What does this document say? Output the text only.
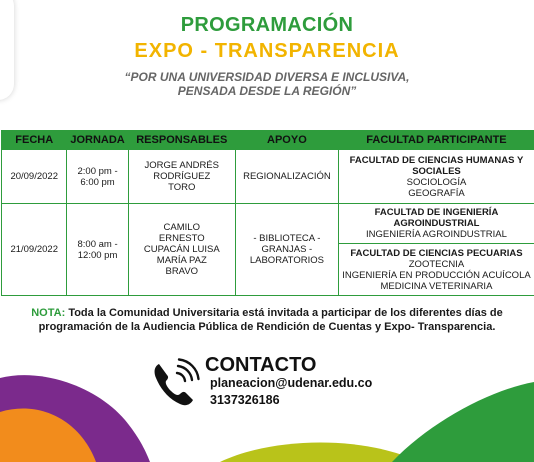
PROGRAMACIÓN
EXPO - TRANSPARENCIA
“POR UNA UNIVERSIDAD DIVERSA E INCLUSIVA,
PENSADA DESDE LA REGIÓN”
FECHA	JORNADA	RESPONSABLES	APOYO	FACULTAD PARTICIPANTE
20/09/2022	2:00 pm - 6:00 pm	JORGE ANDRÉS RODRÍGUEZ TORO	REGIONALIZACIÓN	FACULTAD DE CIENCIAS HUMANAS Y SOCIALES
SOCIOLOGÍA
GEOGRAFÍA

21/09/2022	8:00 am - 12:00 pm	CAMILO ERNESTO CUPACÁN LUISA MARÍA PAZ BRAVO	- BIBLIOTECA - GRANJAS - LABORATORIOS	FACULTAD DE INGENIERÍA AGROINDUSTRIAL
INGENIERÍA AGROINDUSTRIAL

				FACULTAD DE CIENCIAS PECUARIAS
ZOOTECNIA
INGENIERÍA EN PRODUCCIÓN ACUÍCOLA
MEDICINA VETERINARIA
NOTA: Toda la Comunidad Universitaria está invitada a participar de los diferentes días de
programación de la Audiencia Pública de Rendición de Cuentas y Expo- Transparencia.
CONTACTO
planeacion@udenar.edu.co
3137326186
